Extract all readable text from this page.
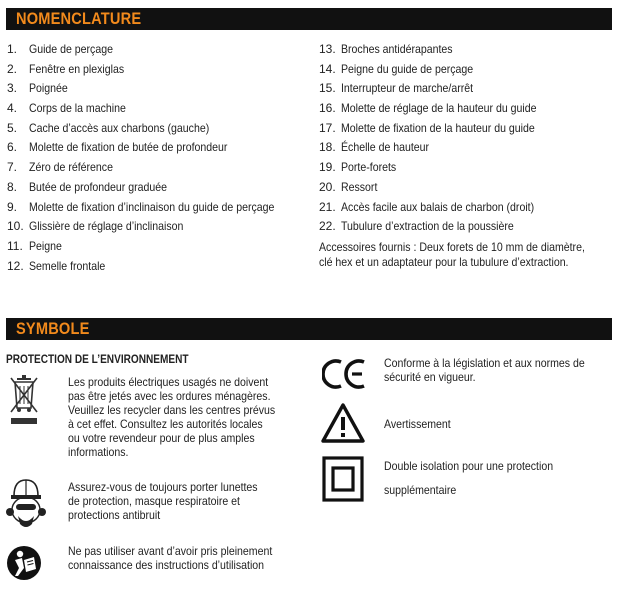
NOMENCLATURE
1. Guide de perçage
2. Fenêtre en plexiglas
3. Poignée
4. Corps de la machine
5. Cache d’accès aux charbons (gauche)
6. Molette de fixation de butée de profondeur
7. Zéro de référence
8. Butée de profondeur graduée
9. Molette de fixation d’inclinaison du guide de perçage
10. Glissière de réglage d’inclinaison
11. Peigne
12. Semelle frontale
13. Broches antidérapantes
14. Peigne du guide de perçage
15. Interrupteur de marche/arrêt
16. Molette de réglage de la hauteur du guide
17. Molette de fixation de la hauteur du guide
18. Échelle de hauteur
19. Porte-forets
20. Ressort
21. Accès facile aux balais de charbon (droit)
22. Tubulure d’extraction de la poussière
Accessoires fournis : Deux forets de 10 mm de diamètre,
clé hex et un adaptateur pour la tubulure d’extraction.
SYMBOLE
PROTECTION DE L’ENVIRONNEMENT
Les produits électriques usagés ne doivent
pas être jetés avec les ordures ménagères.
Veuillez les recycler dans les centres prévus
à cet effet. Consultez les autorités locales
ou votre revendeur pour de plus amples
informations.
Assurez-vous de toujours porter lunettes
de protection, masque respiratoire et
protections antibruit
Ne pas utiliser avant d’avoir pris pleinement
connaissance des instructions d’utilisation
Conforme à la législation et aux normes de
sécurité en vigueur.
Avertissement
Double isolation pour une protection
supplémentaire
